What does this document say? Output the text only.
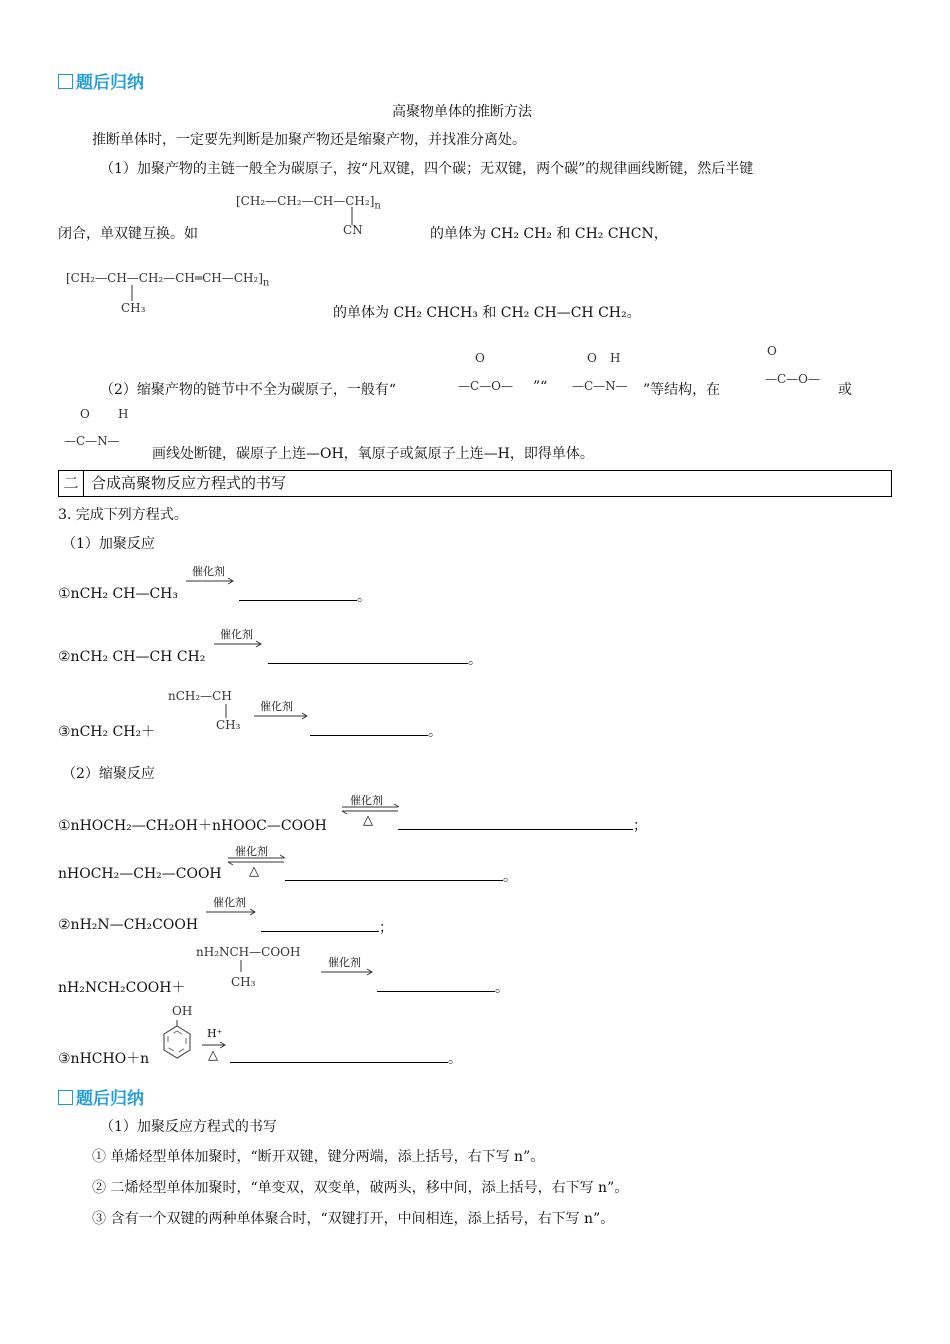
题后归纳
高聚物单体的推断方法
推断单体时，一定要先判断是加聚产物还是缩聚产物，并找准分离处。
（1）加聚产物的主链一般全为碳原子，按“凡双键，四个碳；无双键，两个碳”的规律画线断键，然后半键
$[CH_2—CH_2—CH—CH_2]_n$
CN
闭合，单双键互换。如	的单体为 CH₂ CH₂ 和 CH₂ CHCN，
$[CH_2—CH—CH_2—CH═CH—CH_2]_n$
CH₃	的单体为 CH₂ CHCH₃ 和 CH₂ CH—CH CH₂。
（2）缩聚产物的链节中不全为碳原子，一般有“
O
—C—O— ”“
O H
—C—N— ”等结构，在
O
—C—O—
或
O H
—C—N—
画线处断键，碳原子上连—OH，氧原子或氮原子上连—H，即得单体。
二 合成高聚物反应方程式的书写
3. 完成下列方程式。
（1）加聚反应
①nCH₂ CH—CH₃
催化剂
。
②nCH₂ CH—CH CH₂
催化剂
。
nCH₂—CH
CH₃
③nCH₂ CH₂＋
催化剂
。
（2）缩聚反应
①nHOCH₂—CH₂OH＋nHOOC—COOH
催化剂
△	；
nHOCH₂—CH₂—COOH
催化剂
△	。
②nH₂N—CH₂COOH
催化剂
；
nH₂NCH—COOH
CH₃
nH₂NCH₂COOH＋
催化剂
。
③nHCHO＋n
OH
H⁺
△	。
题后归纳
（1）加聚反应方程式的书写
① 单烯烃型单体加聚时，“断开双键，键分两端，添上括号，右下写 n”。
② 二烯烃型单体加聚时，“单变双，双变单，破两头，移中间，添上括号，右下写 n”。
③ 含有一个双键的两种单体聚合时，“双键打开，中间相连，添上括号，右下写 n”。
